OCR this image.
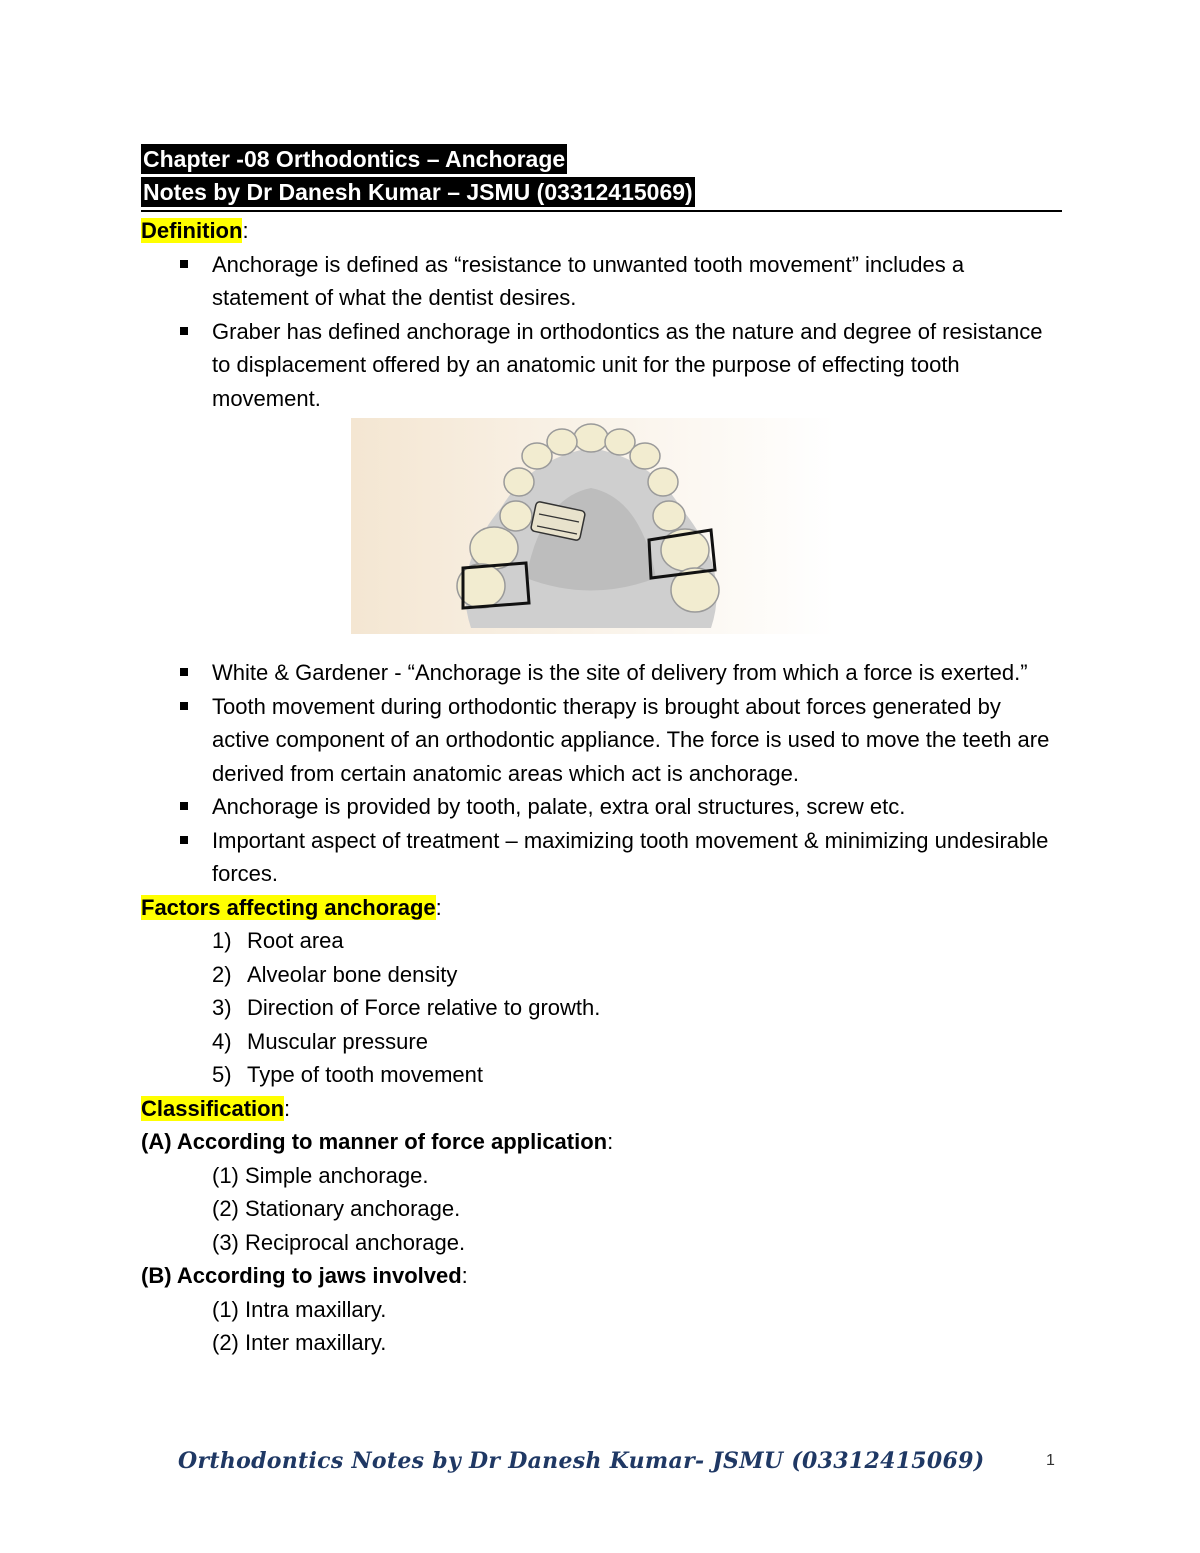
Chapter -08 Orthodontics – Anchorage
Notes by Dr Danesh Kumar – JSMU (03312415069)
Definition:
Anchorage is defined as “resistance to unwanted tooth movement” includes a statement of what the dentist desires.
Graber has defined anchorage in orthodontics as the nature and degree of resistance to displacement offered by an anatomic unit for the purpose of effecting tooth movement.
White & Gardener - “Anchorage is the site of delivery from which a force is exerted.”
Tooth movement during orthodontic therapy is brought about forces generated by active component of an orthodontic appliance. The force is used to move the teeth are derived from certain anatomic areas which act is anchorage.
Anchorage is provided by tooth, palate, extra oral structures, screw etc.
Important aspect of treatment – maximizing tooth movement & minimizing undesirable forces.
Factors affecting anchorage:
1) Root area
2) Alveolar bone density
3) Direction of Force relative to growth.
4) Muscular pressure
5) Type of tooth movement
Classification:
(A) According to manner of force application:
(1) Simple anchorage.
(2) Stationary anchorage.
(3) Reciprocal anchorage.
(B) According to jaws involved:
(1) Intra maxillary.
(2) Inter maxillary.
Orthodontics Notes by Dr Danesh Kumar- JSMU (03312415069)	1
